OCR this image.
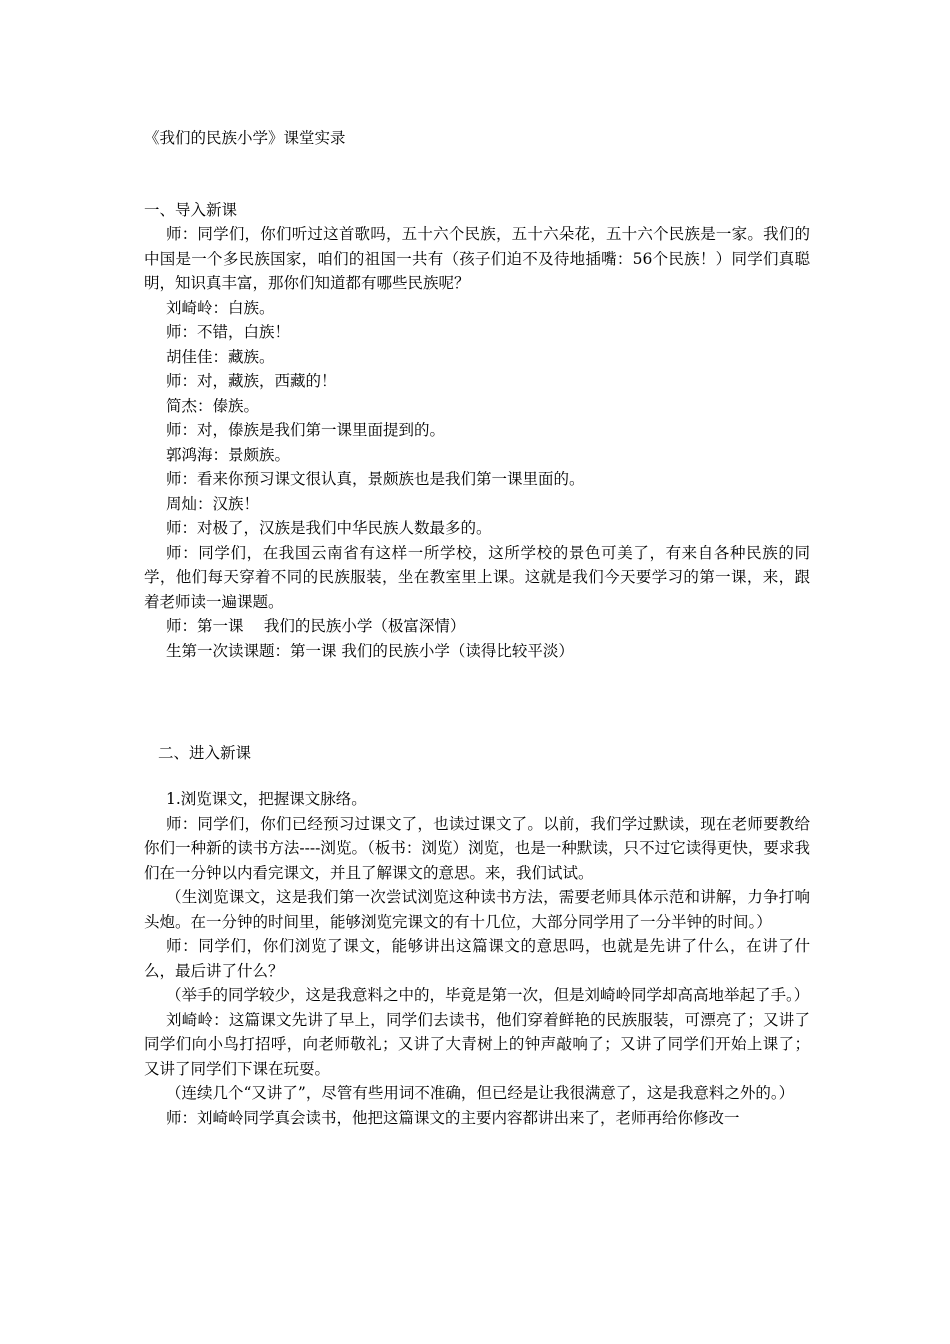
《我们的民族小学》课堂实录

一、导入新课

师：同学们，你们听过这首歌吗，五十六个民族，五十六朵花，五十六个民族是一家。我们的中国是一个多民族国家，咱们的祖国一共有（孩子们迫不及待地插嘴：56个民族！）同学们真聪明，知识真丰富，那你们知道都有哪些民族呢？

刘崎岭：白族。

师：不错，白族！

胡佳佳：藏族。

师：对，藏族，西藏的！

简杰：傣族。

师：对，傣族是我们第一课里面提到的。

郭鸿海：景颇族。

师：看来你预习课文很认真，景颇族也是我们第一课里面的。

周灿：汉族！

师：对极了，汉族是我们中华民族人数最多的。

师：同学们，在我国云南省有这样一所学校，这所学校的景色可美了，有来自各种民族的同学，他们每天穿着不同的民族服装，坐在教室里上课。这就是我们今天要学习的第一课，来，跟着老师读一遍课题。

师：第一课　 我们的民族小学（极富深情）

生第一次读课题：第一课 我们的民族小学（读得比较平淡）

二、进入新课

1.浏览课文，把握课文脉络。

师：同学们，你们已经预习过课文了，也读过课文了。以前，我们学过默读，现在老师要教给你们一种新的读书方法----浏览。（板书：浏览）浏览，也是一种默读，只不过它读得更快，要求我们在一分钟以内看完课文，并且了解课文的意思。来，我们试试。

（生浏览课文，这是我们第一次尝试浏览这种读书方法，需要老师具体示范和讲解，力争打响头炮。在一分钟的时间里，能够浏览完课文的有十几位，大部分同学用了一分半钟的时间。）

师：同学们，你们浏览了课文，能够讲出这篇课文的意思吗，也就是先讲了什么，在讲了什么，最后讲了什么？

（举手的同学较少，这是我意料之中的，毕竟是第一次，但是刘崎岭同学却高高地举起了手。）

刘崎岭：这篇课文先讲了早上，同学们去读书，他们穿着鲜艳的民族服装，可漂亮了；又讲了同学们向小鸟打招呼，向老师敬礼；又讲了大青树上的钟声敲响了；又讲了同学们开始上课了；又讲了同学们下课在玩耍。

（连续几个“又讲了”，尽管有些用词不准确，但已经是让我很满意了，这是我意料之外的。）

师：刘崎岭同学真会读书，他把这篇课文的主要内容都讲出来了，老师再给你修改一
